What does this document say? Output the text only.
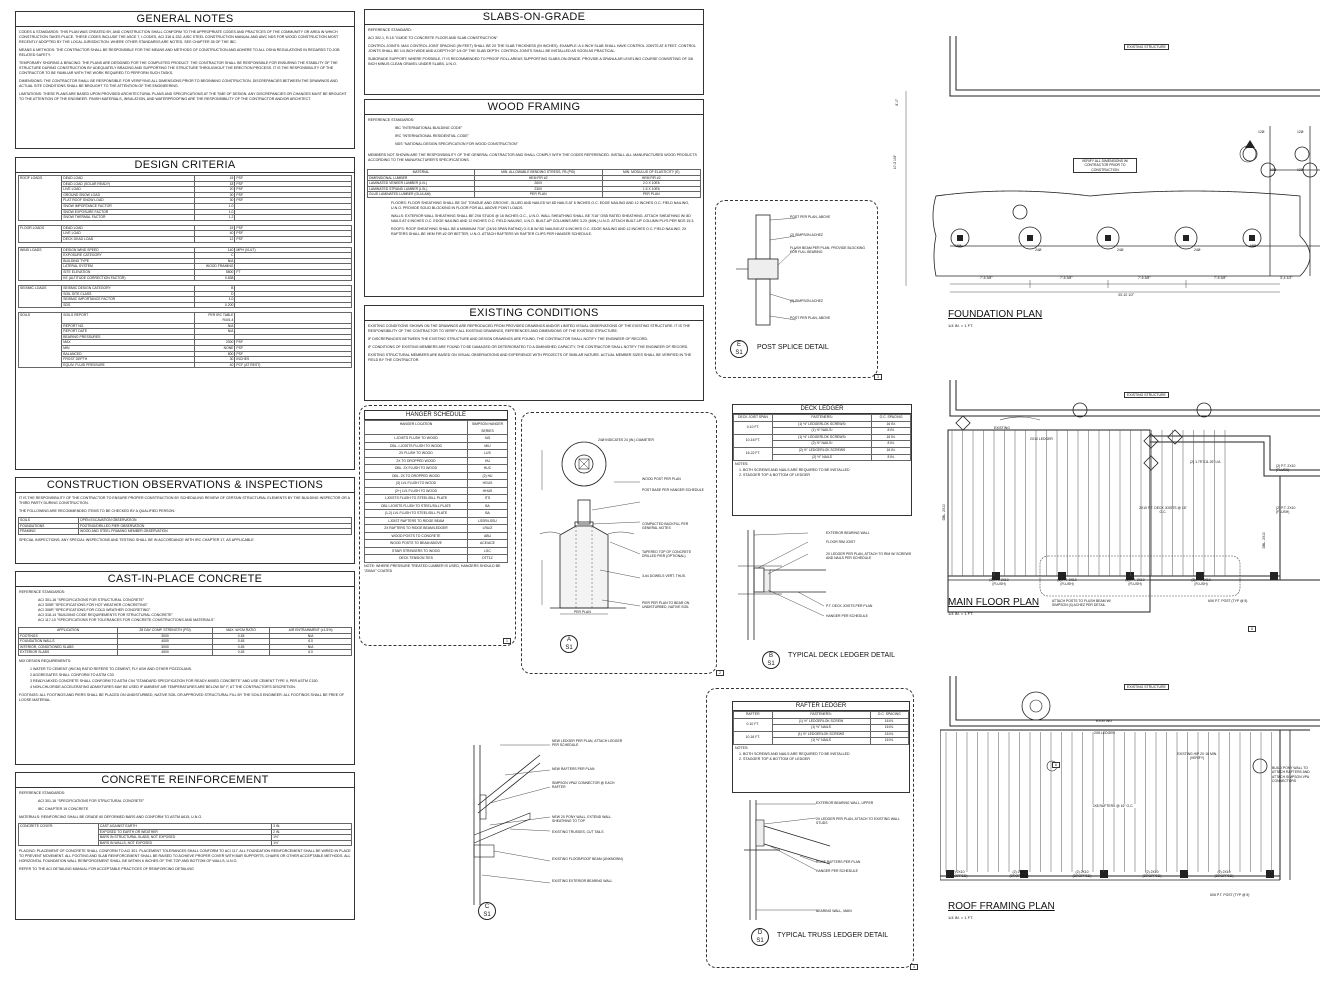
GENERAL NOTES
CODES & STANDARDS: THIS PLAN WAS CREATED BY, AND CONSTRUCTION SHALL CONFORM TO THE APPROPRIATE CODES AND PRACTICES OF THE COMMUNITY OR AREA IN WHICH CONSTRUCTION TAKES PLACE. THESE CODES INCLUDE THE ASCE 7, I-CODES, ACI 318 & 332, AISC STEEL CONSTRUCTION MANUAL AND AWC NDS FOR WOOD CONSTRUCTION MOST RECENTLY ADOPTED BY THE LOCAL JURISDICTION. WHERE OTHER STANDARDS ARE NOTED, SEE CHAPTER 35 OF THE IBC.
MEANS & METHODS: THE CONTRACTOR SHALL BE RESPONSIBLE FOR THE MEANS AND METHODS OF CONSTRUCTION AND ADHERE TO ALL OSHA REGULATIONS IN REGARDS TO JOB RELATED SAFETY.
TEMPORARY SHORING & BRACING: THE PLANS ARE DESIGNED FOR THE COMPLETED PRODUCT. THE CONTRACTOR SHALL BE RESPONSIBLE FOR ENSURING THE STABILITY OF THE STRUCTURE DURING CONSTRUCTION BY ADEQUATELY BRACING AND SUPPORTING THE STRUCTURE THROUGHOUT THE ERECTION PROCESS. IT IS THE RESPONSIBILITY OF THE CONTRACTOR TO BE FAMILIAR WITH THE WORK REQUIRED TO PERFORM SUCH TASKS.
DIMENSIONS: THE CONTRACTOR SHALL BE RESPONSIBLE FOR VERIFYING ALL DIMENSIONS PRIOR TO BEGINNING CONSTRUCTION. DISCREPANCIES BETWEEN THE DRAWINGS AND ACTUAL SITE CONDITIONS SHALL BE BROUGHT TO THE ATTENTION OF THE ENGINEERING.
LIMITATIONS: THESE PLANS ARE BASED UPON PROVIDED ARCHITECTURAL PLANS AND SPECIFICATIONS AT THE TIME OF DESIGN. ANY DISCREPANCIES OR CHANGES MUST BE BROUGHT TO THE ATTENTION OF THE ENGINEER. FINISH MATERIALS, INSULATION, AND WATERPROOFING ARE THE RESPONSIBILITY OF THE CONTRACTOR AND/OR ARCHITECT.
DESIGN CRITERIA
ROOF LOADS	DEAD LOAD	15	PSF
	DEAD LOAD (SOLAR READY)	18	PSF
	LIVE LOAD	20	PSF
	GROUND SNOW LOAD	30	PSF
	FLAT ROOF SNOW LOAD	30	PSF
	SNOW IMPORTANCE FACTOR	1.0	
	SNOW EXPOSURE FACTOR	1.0	
	SNOW THERMAL FACTOR	1.2	
FLOOR LOADS	DEAD LOAD	15	PSF
	LIVE LOAD	40	PSF
	DECK DEAD LOAD	12	PSF
WIND LOADS	DESIGN WIND SPEED	140	MPH (VULT)
	EXPOSURE CATEGORY	C	
	BUILDING TYPE	N/A	
	LATERAL SYSTEM	WOOD FRAMING	
	SITE ELEVATION	5800	FT
	KE (ALTITUDE CORRECTION FACTOR)	0.838	
SEISMIC LOADS	SEISMIC DESIGN CATEGORY	B	
	SOIL SITE CLASS	D	
	SEISMIC IMPORTANCE FACTOR	1.0	
	SDS	0.200	
SOILS	SOILS REPORT	PER IRC TABLE R401.4	
	REPORT NO.	N/A	
	REPORT DATE	N/A	
	BEARING PRESSURES		
	MAX	2000	PSF
	MIN	NONE	PSF
	BALANCED	800	PSF
	FROST DEPTH	30	INCHES
	EQUIV. FLUID PRESSURE	40	PCF (AT REST)
CONSTRUCTION OBSERVATIONS & INSPECTIONS
IT IS THE RESPONSIBILITY OF THE CONTRACTOR TO ENSURE PROPER CONSTRUCTION BY SCHEDULING REVIEW OF CERTAIN STRUCTURAL ELEMENTS BY THE BUILDING INSPECTOR OR A THIRD PARTY DURING CONSTRUCTION.
THE FOLLOWING ARE RECOMMENDED ITEMS TO BE CHECKED BY A QUALIFIED PERSON:
SOILS	OPEN EXCAVATION OBSERVATION
FOUNDATIONS	FOOTING/DRILLED PIER OBSERVATION
FRAMING	WOOD AND STEEL FRAMING MEMBER OBSERVATION
SPECIAL INSPECTIONS: ANY SPECIAL INSPECTIONS AND TESTING SHALL BE IN ACCORDANCE WITH IRC CHAPTER 17, AS APPLICABLE
CAST-IN-PLACE CONCRETE
REFERENCE STANDARDS:
ACI 301-16 "SPECIFICATIONS FOR STRUCTURAL CONCRETE"
ACI 305R "SPECIFICATIONS FOR HOT WEATHER CONCRETING"
ACI 306R "SPECIFICATIONS FOR COLD WEATHER CONCRETING"
ACI 318-14 "BUILDING CODE REQUIREMENTS FOR STRUCTURAL CONCRETE"
ACI 117-10 "SPECIFICATIONS FOR TOLERANCES FOR CONCRETE CONSTRUCTIONS AND MATERIALS"
APPLICATION	28 DAY COMP. STRENGTH (PSI)	MAX. W/CM RATIO	AIR ENTRAINMENT (±1.5%)
FOOTINGS	3000	0.45	N/A
FOUNDATION WALLS	4000	0.45	6.0
INTERIOR, CONDITIONED SLABS	3000	0.45	N/A
EXTERIOR SLABS	4500	0.45	6.0
MIX DESIGN REQUIREMENTS:
1 WATER TO CEMENT (W/CM) RATIO REFERS TO CEMENT, FLY ASH AND OTHER POZZOLANS.
2 AGGREGATES SHALL CONFORM TO ASTM C33
3 READY-MIXED CONCRETE SHALL CONFORM TO ASTM C94 "STANDARD SPECIFICATION FOR READY-MIXED CONCRETE" AND USE CEMENT TYPE II, PER ASTM C150.
4 NON-CHLORIDE ACCELERATING ADMIXTURES MAY BE USED IF AMBIENT AIR TEMPERATURES ARE BELOW 50° F, AT THE CONTRACTOR'S DISCRETION.
FOOTINGS: ALL FOOTINGS AND PIERS SHALL BE PLACED ON UNDISTURBED, NATIVE SOIL OR APPROVED STRUCTURAL FILL BY THE SOILS ENGINEER. ALL FOOTINGS SHALL BE FREE OF LOOSE MATERIAL.
CONCRETE REINFORCEMENT
REFERENCE STANDARDS:
ACI 301-16 "SPECIFICATIONS FOR STRUCTURAL CONCRETE"
IBC CHAPTER 19 CONCRETE
MATERIALS: REINFORCING SHALL BE GRADE 60 DEFORMED BARS AND CONFORM TO ASTM A615, U.N.O.
CONCRETE COVER:	CAST AGAINST EARTH	3 IN.
	EXPOSED TO EARTH OR WEATHER	2 IN.
	BARS IN STRUCTURAL SLABS, NOT EXPOSED	1½"
	BARS IN WALLS, NOT EXPOSED	1½"
PLACING: PLACEMENT OF CONCRETE SHALL CONFORM TO ACI 301. PLACEMENT TOLERANCES SHALL CONFORM TO ACI 117. ALL FOUNDATION REINFORCEMENT SHALL BE WIRED IN PLACE TO PREVENT MOVEMENT. ALL FOOTING AND SLAB REINFORCEMENT SHALL BE RAISED TO ACHIEVE PROPER COVER WITH BAR SUPPORTS, CHAIRS OR OTHER ACCEPTABLE METHODS. ALL HORIZONTAL FOUNDATION WALL REINFORCEMENT SHALL BE WITHIN 6 INCHES OF THE TOP AND BOTTOM OF WALLS, U.N.O.
REFER TO THE ACI DETAILING MANUAL FOR ACCEPTABLE PRACTICES OF REINFORCING DETAILING
SLABS-ON-GRADE
REFERENCE STANDARD:
ACI 302.1, R-15 "GUIDE TO CONCRETE FLOOR AND SLAB CONSTRUCTION"
CONTROL JOINTS: MAX CONTROL JOINT SPACING (IN FEET) SHALL BE 2X THE SLAB THICKNESS (IN INCHES). EXAMPLE: A 4 INCH SLAB SHALL HAVE CONTROL JOINTS AT 8 FEET. CONTROL JOINTS SHALL BE 1/4 INCH WIDE AND A DEPTH OF 1/4 OF THE SLAB DEPTH. CONTROL JOINTS SHALL BE INSTALLED AS SOON AS PRACTICAL.
SUBGRADE SUPPORT: WHERE POSSIBLE, IT IS RECOMMENDED TO PROOF ROLL AREAS SUPPORTING SLABS-ON-GRADE. PROVIDE A GRANULAR LEVELING COURSE CONSISTING OF 3/8 INCH MINUS CLEAN GRAVEL UNDER SLABS, U.N.O.
WOOD FRAMING
REFERENCE STANDARDS:
IBC "INTERNATIONAL BUILDING CODE"
IRC "INTERNATIONAL RESIDENTIAL CODE"
NDS "NATIONAL DESIGN SPECIFICATION FOR WOOD CONSTRUCTION"
MEMBERS NOT SHOWN ARE THE RESPONSIBILITY OF THE GENERAL CONTRACTOR AND SHALL COMPLY WITH THE CODES REFERENCED. INSTALL ALL MANUFACTURED WOOD PRODUCTS ACCORDING TO THE MANUFACTURER'S SPECIFICATIONS.
MATERIAL	MIN. ALLOWABLE BENDING STRESS, FB (PSI)	MIN. MODULUS OF ELASTICITY (E)
DIMENSIONAL LUMBER	HEM FIR #2	HEM FIR #2
LAMINATED VENEER LUMBER (LVL)	2600	2.0 X 10E6
LAMINATED STRAND LUMBER (LSL)	2300	1.5 X 10E6
GLUE LAMINATED LUMBER (GLULAM)	PER PLAN	PER PLAN
FLOORS: FLOOR SHEATHING SHALL BE 3/4" TONGUE AND GROOVE, GLUED AND NAILED W/ 8D NAILS AT 6 INCHES O.C. EDGE NAILING AND 12 INCHES O.C. FIELD NAILING, U.N.O. PROVIDE SOLID BLOCKING IN FLOOR FOR ALL ABOVE POINT LOADS.
WALLS: EXTERIOR WALL SHEATHING SHALL BE 2X6 STUDS @ 16 INCHES O.C., U.N.O. WALL SHEATHING SHALL BE 7/16" OSB RATED SHEATHING. ATTACH SHEATHING W/ 8D NAILS AT 6 INCHES O.C. EDGE NAILING AND 12 INCHES O.C. FIELD NAILING, U.N.O. BUILT-UP COLUMNS ARE 3-2X (MIN.) U.N.O. ATTACH BUILT-UP COLUMN PLYS PER NDS 15.3.
ROOFS: ROOF SHEATHING SHALL BE A MINIMUM 7/16" (24/16 SPAN RATING) O.S.B W/ 8D NAILING AT 6 INCHES O.C. EDGE NAILING AND 12 INCHES O.C. FIELD NAILING. 2X RAFTERS SHALL BE HEM FIR #2 OR BETTER, U.N.O. ATTACH RAFTERS W/ RAFTER CLIPS PER HANGER SCHEDULE.
EXISTING CONDITIONS
EXISTING CONDITIONS SHOWN ON THE DRAWINGS ARE REPRODUCED FROM PROVIDED DRAWINGS AND/OR LIMITED VISUAL OBSERVATIONS OF THE EXISTING STRUCTURE. IT IS THE RESPONSIBILITY OF THE CONTRACTOR TO VERIFY ALL EXISTING DRAWINGS, REFERENCES AND DIMENSIONS OF THE EXISTING STRUCTURE.
IF DISCREPANCIES BETWEEN THE EXISTING STRUCTURE AND DESIGN DRAWINGS ARE FOUND, THE CONTRACTOR SHALL NOTIFY THE ENGINEER OF RECORD.
IF CONDITIONS OF EXISTING MEMBERS ARE FOUND TO BE DAMAGED OR DETERIORATED TO A DIMINISHED CAPACITY, THE CONTRACTOR SHALL NOTIFY THE ENGINEER OF RECORD.
EXISTING STRUCTURAL MEMBERS ARE BASED ON VISUAL OBSERVATIONS AND EXPERIENCE WITH PROJECTS OF SIMILAR NATURE. ACTUAL MEMBER SIZES SHALL BE VERIFIED IN THE FIELD BY THE CONTRACTOR.
HANGER SCHEDULE
HANGER LOCATION	SIMPSON HANGER SERIES
I-JOISTS FLUSH TO WOOD	IUS
DBL. I-JOISTS FLUSH TO WOOD	MIU
2X FLUSH TO WOOD	LUS
2X TO DROPPED WOOD	HU
DBL. 2X FLUSH TO WOOD	HUC
DBL. 2X TO DROPPED WOOD	(2) HU
(3) LVL FLUSH TO WOOD	HGUS
(2+) LVL FLUSH TO WOOD	HHUS
I-JOISTS FLUSH TO STEEL/SILL PLATE	ITS
DBL I-JOISTS FLUSH TO STEEL/SILL PLATE	BA
(1-2) LVL FLUSH TO STEEL/SILL PLATE	BA
I-JOIST RAFTERS TO RIDGE BEAM	LSSR/LSSU
2X RAFTERS TO RIDGE BEAM/LEDGER	LRU/Z
WOOD POSTS TO CONCRETE	ABU
WOOD POSTS TO BEAM ABOVE	ACE/ACE
STAIR STRINGERS TO WOOD	LSC
DECK TENSION TIES	DTT1Z
NOTE: WHERE PRESSURE TREATED LUMBER IS USED, HANGERS SHOULD BE "ZMAX" COATED
1
24Ø INDICATES 24 (IN.) DIAMETER
WOOD POST PER PLAN
POST BASE PER HANGER SCHEDULE
COMPACTED BACKFILL PER GENERAL NOTES
TAPERED TOP OF CONCRETE DRILLED PIER (OPTIONAL)
3-#4 DOWELS VERT. THUS.
PIER PER PLAN TO BEAR ON UNDISTURBED, NATIVE SOIL
PER PLAN
A
S1
2
NEW LEDGER PER PLAN, ATTACH LEDGER PER SCHEDULE
NEW RAFTERS PER PLAN
SIMPSON VPA2 CONNECTOR @ EACH RAFTER
NEW 2X PONY WALL, EXTEND WALL SHEATHING TO TOP
EXISTING TRUSSES, CUT TAILS
EXISTING FLOOR/ROOF BEAM (UNKNOWN)
EXISTING EXTERIOR BEARING WALL
C
S1
POST PER PLAN, ABOVE
(2) SIMPSON ACHEZ
FLUSH BEAM PER PLAN, PROVIDE BLOCKING FOR FULL BEARING
(2) SIMPSON ACHEZ
POST PER PLAN, ABOVE
E
S1
POST SPLICE DETAIL
3
DECK LEDGER
DECK JOIST SPAN	FASTENERS¹	O.C. SPACING
0-10 FT.	(1) ½" LEDGERLOK SCREWS²	16 IN.
	(1) ½" NAILS³	8 IN.
10-16 FT.	(1) ½" LEDGERLOK SCREWS²	16 IN.
	(2) ½" NAILS³	8 IN.
16-22 FT.	(2) ½" LEDGERLOK SCREWS	16 IN.
	(2) ½" NAILS	8 IN.
NOTES:
1. BOTH SCREWS AND NAILS ARE REQUIRED TO BE INSTALLED
2. STAGGER TOP & BOTTOM OF LEDGER
EXTERIOR BEARING WALL
FLOOR RIM JOIST
2X LEDGER PER PLAN, ATTACH TO RIM W/ SCREWS AND NAILS PER SCHEDULE
P.T. DECK JOISTS PER PLAN
HANGER PER SCHEDULE
B
S1
TYPICAL DECK LEDGER DETAIL
RAFTER LEDGER
RAFTER	FASTENERS¹	O.C. SPACING
0-10 FT.	(1) ½" LEDGERLOK SCREW	16 IN.
	(1) ½" NAILS	16 IN.
10-16 FT.	(1) ½" LEDGERLOK SCREWS	16 IN.
	(1) ½" NAILS	16 IN.
NOTES:
1. BOTH SCREWS AND NAILS ARE REQUIRED TO BE INSTALLED
2. STAGGER TOP & BOTTOM OF LEDGER
EXTERIOR BEARING WALL, UPPER
2X LEDGER PER PLAN, ATTACH TO EXISTING WALL STUDS
ROOF RAFTERS PER PLAN
HANGER PER SCHEDULE
BEARING WALL, MAIN
D
S1
TYPICAL TRUSS LEDGER DETAIL
4
EXISTING STRUCTURE
VERIFY ALL DIMENSIONS W/ CONTRACTOR PRIOR TO CONSTRUCTION
18Ø
24Ø	24Ø	24Ø
18Ø
12Ø	12Ø
12Ø	12Ø
7'-5 3/8"	7'-5 3/8"	7'-5 3/8"	7'-5 3/8"
33'-10 1/2"
3'-4 1/2"
8'-0"
10'-5 1/4"
FOUNDATION PLAN
1/4 IN. = 1 FT.
EXISTING STRUCTURE
EXISTING
2X10 LEDGER
2X10 P.T. DECK JOISTS @ 16" O.C.
DBL. 2X10
DBL. 2X10
(2) 1.75"X11.25" LVL
(3) P.T. 2X10 (FLUSH)
(3) P.T. 2X10 (FLUSH)
(3) P.T. 2X10 (FLUSH)
(3) P.T. 2X10 (FLUSH)
(2) P.T. 2X10 (FLUSH)
(2) P.T. 2X10 (FLUSH)
ATTACH POSTS TO FLUSH BEAM W/ SIMPSON (4) ACHEZ PER DETAIL
6X6 P.T. POST (TYP @ 5)
MAIN FLOOR PLAN
1/4 IN. = 1 FT.
5
EXISTING STRUCTURE
EXISTING
2X8 LEDGER
EXISTING HIP 2X 16 MIN. (VERIFY)
2X8 RAFTERS @ 16" O.C.
(2) 2X10 (DROPPED)
(2) 2X10 (DROPPED)
(2) 2X10 (DROPPED)
(2) 2X10 (DROPPED)
(2) 2X10 (DROPPED)
6X6 P.T. POST (TYP @ 5)
BUILD PONY WALL TO ATTACH RAFTERS AND ATTACH SIMPSON VPA CONNECTORS
ROOF FRAMING PLAN
1/4 IN. = 1 FT.
6
